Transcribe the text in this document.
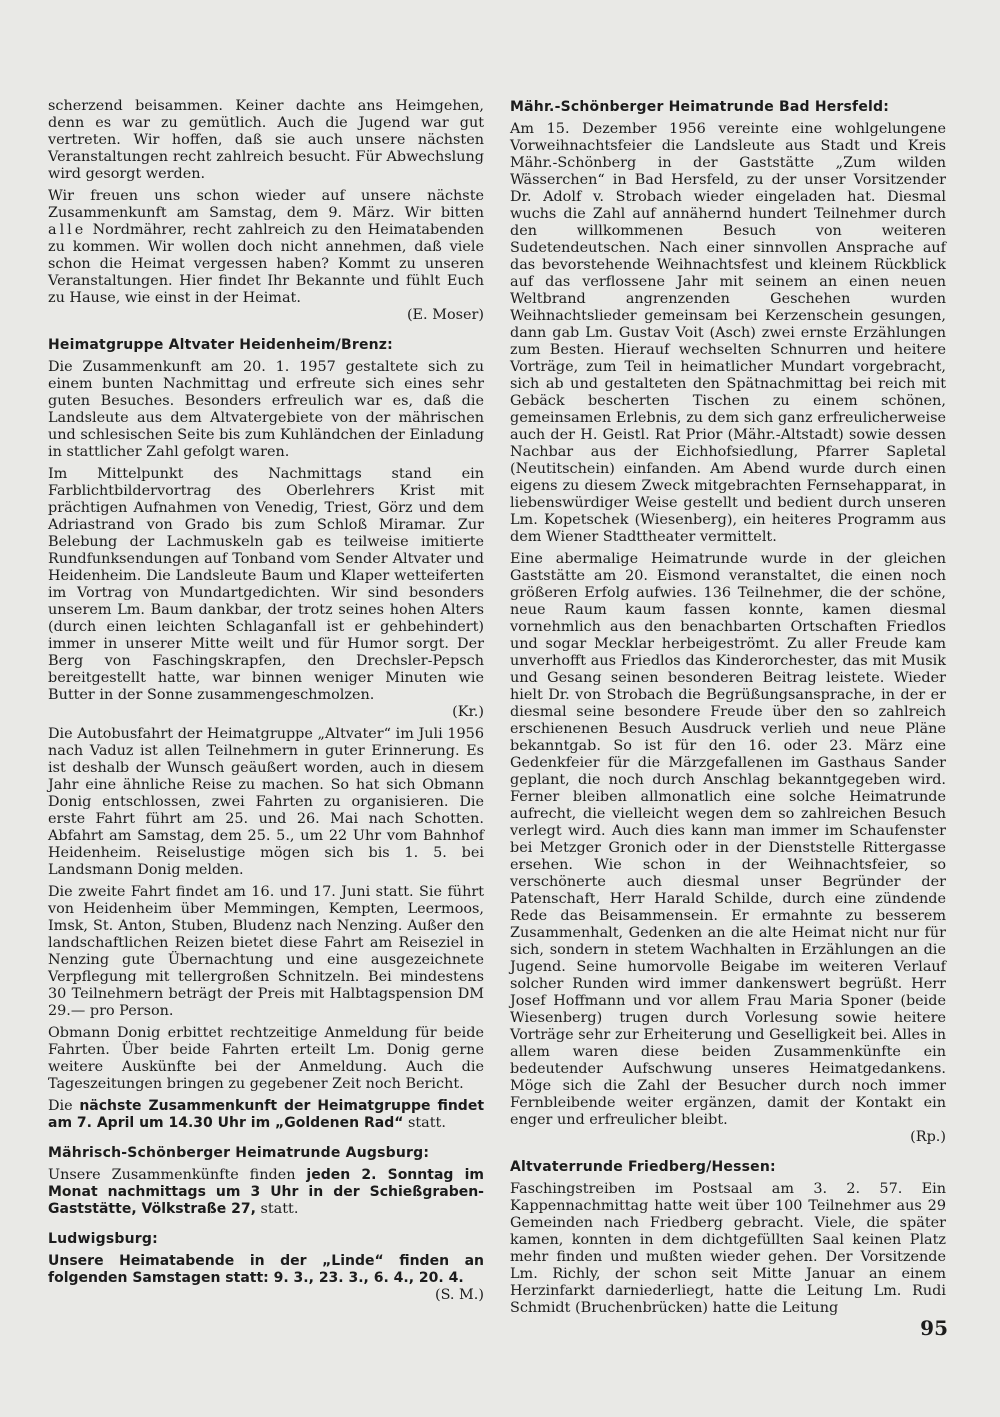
scherzend beisammen. Keiner dachte ans Heimgehen, denn es war zu gemütlich. Auch die Jugend war gut vertreten. Wir hoffen, daß sie auch unsere nächsten Veranstaltungen recht zahlreich besucht. Für Abwechslung wird gesorgt werden.

Wir freuen uns schon wieder auf unsere nächste Zusammenkunft am Samstag, dem 9. März. Wir bitten alle Nordmährer, recht zahlreich zu den Heimatabenden zu kommen. Wir wollen doch nicht annehmen, daß viele schon die Heimat vergessen haben? Kommt zu unseren Veranstaltungen. Hier findet Ihr Bekannte und fühlt Euch zu Hause, wie einst in der Heimat.

(E. Moser)

Heimatgruppe Altvater Heidenheim/Brenz:

Die Zusammenkunft am 20. 1. 1957 gestaltete sich zu einem bunten Nachmittag und erfreute sich eines sehr guten Besuches. Besonders erfreulich war es, daß die Landsleute aus dem Altvatergebiete von der mährischen und schlesischen Seite bis zum Kuhländchen der Einladung in stattlicher Zahl gefolgt waren.

Im Mittelpunkt des Nachmittags stand ein Farblichtbildervortrag des Oberlehrers Krist mit prächtigen Aufnahmen von Venedig, Triest, Görz und dem Adriastrand von Grado bis zum Schloß Miramar. Zur Belebung der Lachmuskeln gab es teilweise imitierte Rundfunksendungen auf Tonband vom Sender Altvater und Heidenheim. Die Landsleute Baum und Klaper wetteiferten im Vortrag von Mundartgedichten. Wir sind besonders unserem Lm. Baum dankbar, der trotz seines hohen Alters (durch einen leichten Schlaganfall ist er gehbehindert) immer in unserer Mitte weilt und für Humor sorgt. Der Berg von Faschingskrapfen, den Drechsler-Pepsch bereitgestellt hatte, war binnen weniger Minuten wie Butter in der Sonne zusammengeschmolzen.

(Kr.)

Die Autobusfahrt der Heimatgruppe „Altvater“ im Juli 1956 nach Vaduz ist allen Teilnehmern in guter Erinnerung. Es ist deshalb der Wunsch geäußert worden, auch in diesem Jahr eine ähnliche Reise zu machen. So hat sich Obmann Donig entschlossen, zwei Fahrten zu organisieren. Die erste Fahrt führt am 25. und 26. Mai nach Schotten. Abfahrt am Samstag, dem 25. 5., um 22 Uhr vom Bahnhof Heidenheim. Reiselustige mögen sich bis 1. 5. bei Landsmann Donig melden.

Die zweite Fahrt findet am 16. und 17. Juni statt. Sie führt von Heidenheim über Memmingen, Kempten, Leermoos, Imsk, St. Anton, Stuben, Bludenz nach Nenzing. Außer den landschaftlichen Reizen bietet diese Fahrt am Reiseziel in Nenzing gute Übernachtung und eine ausgezeichnete Verpflegung mit tellergroßen Schnitzeln. Bei mindestens 30 Teilnehmern beträgt der Preis mit Halbtagspension DM 29.— pro Person.

Obmann Donig erbittet rechtzeitige Anmeldung für beide Fahrten. Über beide Fahrten erteilt Lm. Donig gerne weitere Auskünfte bei der Anmeldung. Auch die Tageszeitungen bringen zu gegebener Zeit noch Bericht.

Die nächste Zusammenkunft der Heimatgruppe findet am 7. April um 14.30 Uhr im „Goldenen Rad“ statt.

Mährisch-Schönberger Heimatrunde Augsburg:

Unsere Zusammenkünfte finden jeden 2. Sonntag im Monat nachmittags um 3 Uhr in der Schießgraben-Gaststätte, Völkstraße 27, statt.

Ludwigsburg:

Unsere Heimatabende in der „Linde“ finden an folgenden Samstagen statt: 9. 3., 23. 3., 6. 4., 20. 4.

(S. M.)

Mähr.-Schönberger Heimatrunde Bad Hersfeld:

Am 15. Dezember 1956 vereinte eine wohlgelungene Vorweihnachtsfeier die Landsleute aus Stadt und Kreis Mähr.-Schönberg in der Gaststätte „Zum wilden Wässerchen“ in Bad Hersfeld, zu der unser Vorsitzender Dr. Adolf v. Strobach wieder eingeladen hat. Diesmal wuchs die Zahl auf annähernd hundert Teilnehmer durch den willkommenen Besuch von weiteren Sudetendeutschen. Nach einer sinnvollen Ansprache auf das bevorstehende Weihnachtsfest und kleinem Rückblick auf das verflossene Jahr mit seinem an einen neuen Weltbrand angrenzenden Geschehen wurden Weihnachtslieder gemeinsam bei Kerzenschein gesungen, dann gab Lm. Gustav Voit (Asch) zwei ernste Erzählungen zum Besten. Hierauf wechselten Schnurren und heitere Vorträge, zum Teil in heimatlicher Mundart vorgebracht, sich ab und gestalteten den Spätnachmittag bei reich mit Gebäck bescherten Tischen zu einem schönen, gemeinsamen Erlebnis, zu dem sich ganz erfreulicherweise auch der H. Geistl. Rat Prior (Mähr.-Altstadt) sowie dessen Nachbar aus der Eichhofsiedlung, Pfarrer Sapletal (Neutitschein) einfanden. Am Abend wurde durch einen eigens zu diesem Zweck mitgebrachten Fernsehapparat, in liebenswürdiger Weise gestellt und bedient durch unseren Lm. Kopetschek (Wiesenberg), ein heiteres Programm aus dem Wiener Stadttheater vermittelt.

Eine abermalige Heimatrunde wurde in der gleichen Gaststätte am 20. Eismond veranstaltet, die einen noch größeren Erfolg aufwies. 136 Teilnehmer, die der schöne, neue Raum kaum fassen konnte, kamen diesmal vornehmlich aus den benachbarten Ortschaften Friedlos und sogar Mecklar herbeigeströmt. Zu aller Freude kam unverhofft aus Friedlos das Kinderorchester, das mit Musik und Gesang seinen besonderen Beitrag leistete. Wieder hielt Dr. von Strobach die Begrüßungsansprache, in der er diesmal seine besondere Freude über den so zahlreich erschienenen Besuch Ausdruck verlieh und neue Pläne bekanntgab. So ist für den 16. oder 23. März eine Gedenkfeier für die Märzgefallenen im Gasthaus Sander geplant, die noch durch Anschlag bekanntgegeben wird. Ferner bleiben allmonatlich eine solche Heimatrunde aufrecht, die vielleicht wegen dem so zahlreichen Besuch verlegt wird. Auch dies kann man immer im Schaufenster bei Metzger Gronich oder in der Dienststelle Rittergasse ersehen. Wie schon in der Weihnachtsfeier, so verschönerte auch diesmal unser Begründer der Patenschaft, Herr Harald Schilde, durch eine zündende Rede das Beisammensein. Er ermahnte zu besserem Zusammenhalt, Gedenken an die alte Heimat nicht nur für sich, sondern in stetem Wachhalten in Erzählungen an die Jugend. Seine humorvolle Beigabe im weiteren Verlauf solcher Runden wird immer dankenswert begrüßt. Herr Josef Hoffmann und vor allem Frau Maria Sponer (beide Wiesenberg) trugen durch Vorlesung sowie heitere Vorträge sehr zur Erheiterung und Geselligkeit bei. Alles in allem waren diese beiden Zusammenkünfte ein bedeutender Aufschwung unseres Heimatgedankens. Möge sich die Zahl der Besucher durch noch immer Fernbleibende weiter ergänzen, damit der Kontakt ein enger und erfreulicher bleibt.

(Rp.)

Altvaterrunde Friedberg/Hessen:

Faschingstreiben im Postsaal am 3. 2. 57. Ein Kappennachmittag hatte weit über 100 Teilnehmer aus 29 Gemeinden nach Friedberg gebracht. Viele, die später kamen, konnten in dem dichtgefüllten Saal keinen Platz mehr finden und mußten wieder gehen. Der Vorsitzende Lm. Richly, der schon seit Mitte Januar an einem Herzinfarkt darniederliegt, hatte die Leitung Lm. Rudi Schmidt (Bruchenbrücken) hatte die Leitung

95
